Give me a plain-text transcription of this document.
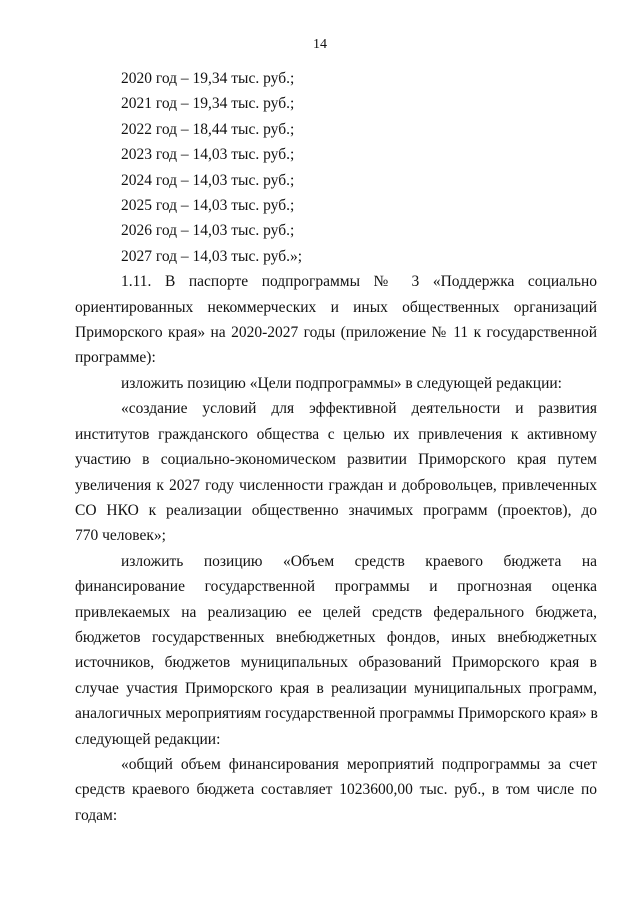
14
2020 год – 19,34 тыс. руб.;
2021 год – 19,34 тыс. руб.;
2022 год – 18,44 тыс. руб.;
2023 год – 14,03 тыс. руб.;
2024 год – 14,03 тыс. руб.;
2025 год – 14,03 тыс. руб.;
2026 год – 14,03 тыс. руб.;
2027 год – 14,03 тыс. руб.»;
1.11. В паспорте подпрограммы № 3 «Поддержка социально
ориентированных некоммерческих и иных общественных организаций
Приморского края» на 2020-2027 годы (приложение № 11 к государственной
программе):
изложить позицию «Цели подпрограммы» в следующей редакции:
«создание условий для эффективной деятельности и развития
институтов гражданского общества с целью их привлечения к активному
участию в социально-экономическом развитии Приморского края путем
увеличения к 2027 году численности граждан и добровольцев, привлеченных
СО НКО к реализации общественно значимых программ (проектов), до
770 человек»;
изложить позицию «Объем средств краевого бюджета на
финансирование государственной программы и прогнозная оценка
привлекаемых на реализацию ее целей средств федерального бюджета,
бюджетов государственных внебюджетных фондов, иных внебюджетных
источников, бюджетов муниципальных образований Приморского края в
случае участия Приморского края в реализации муниципальных программ,
аналогичных мероприятиям государственной программы Приморского края» в
следующей редакции:
«общий объем финансирования мероприятий подпрограммы за счет
средств краевого бюджета составляет 1023600,00 тыс. руб., в том числе по
годам:
